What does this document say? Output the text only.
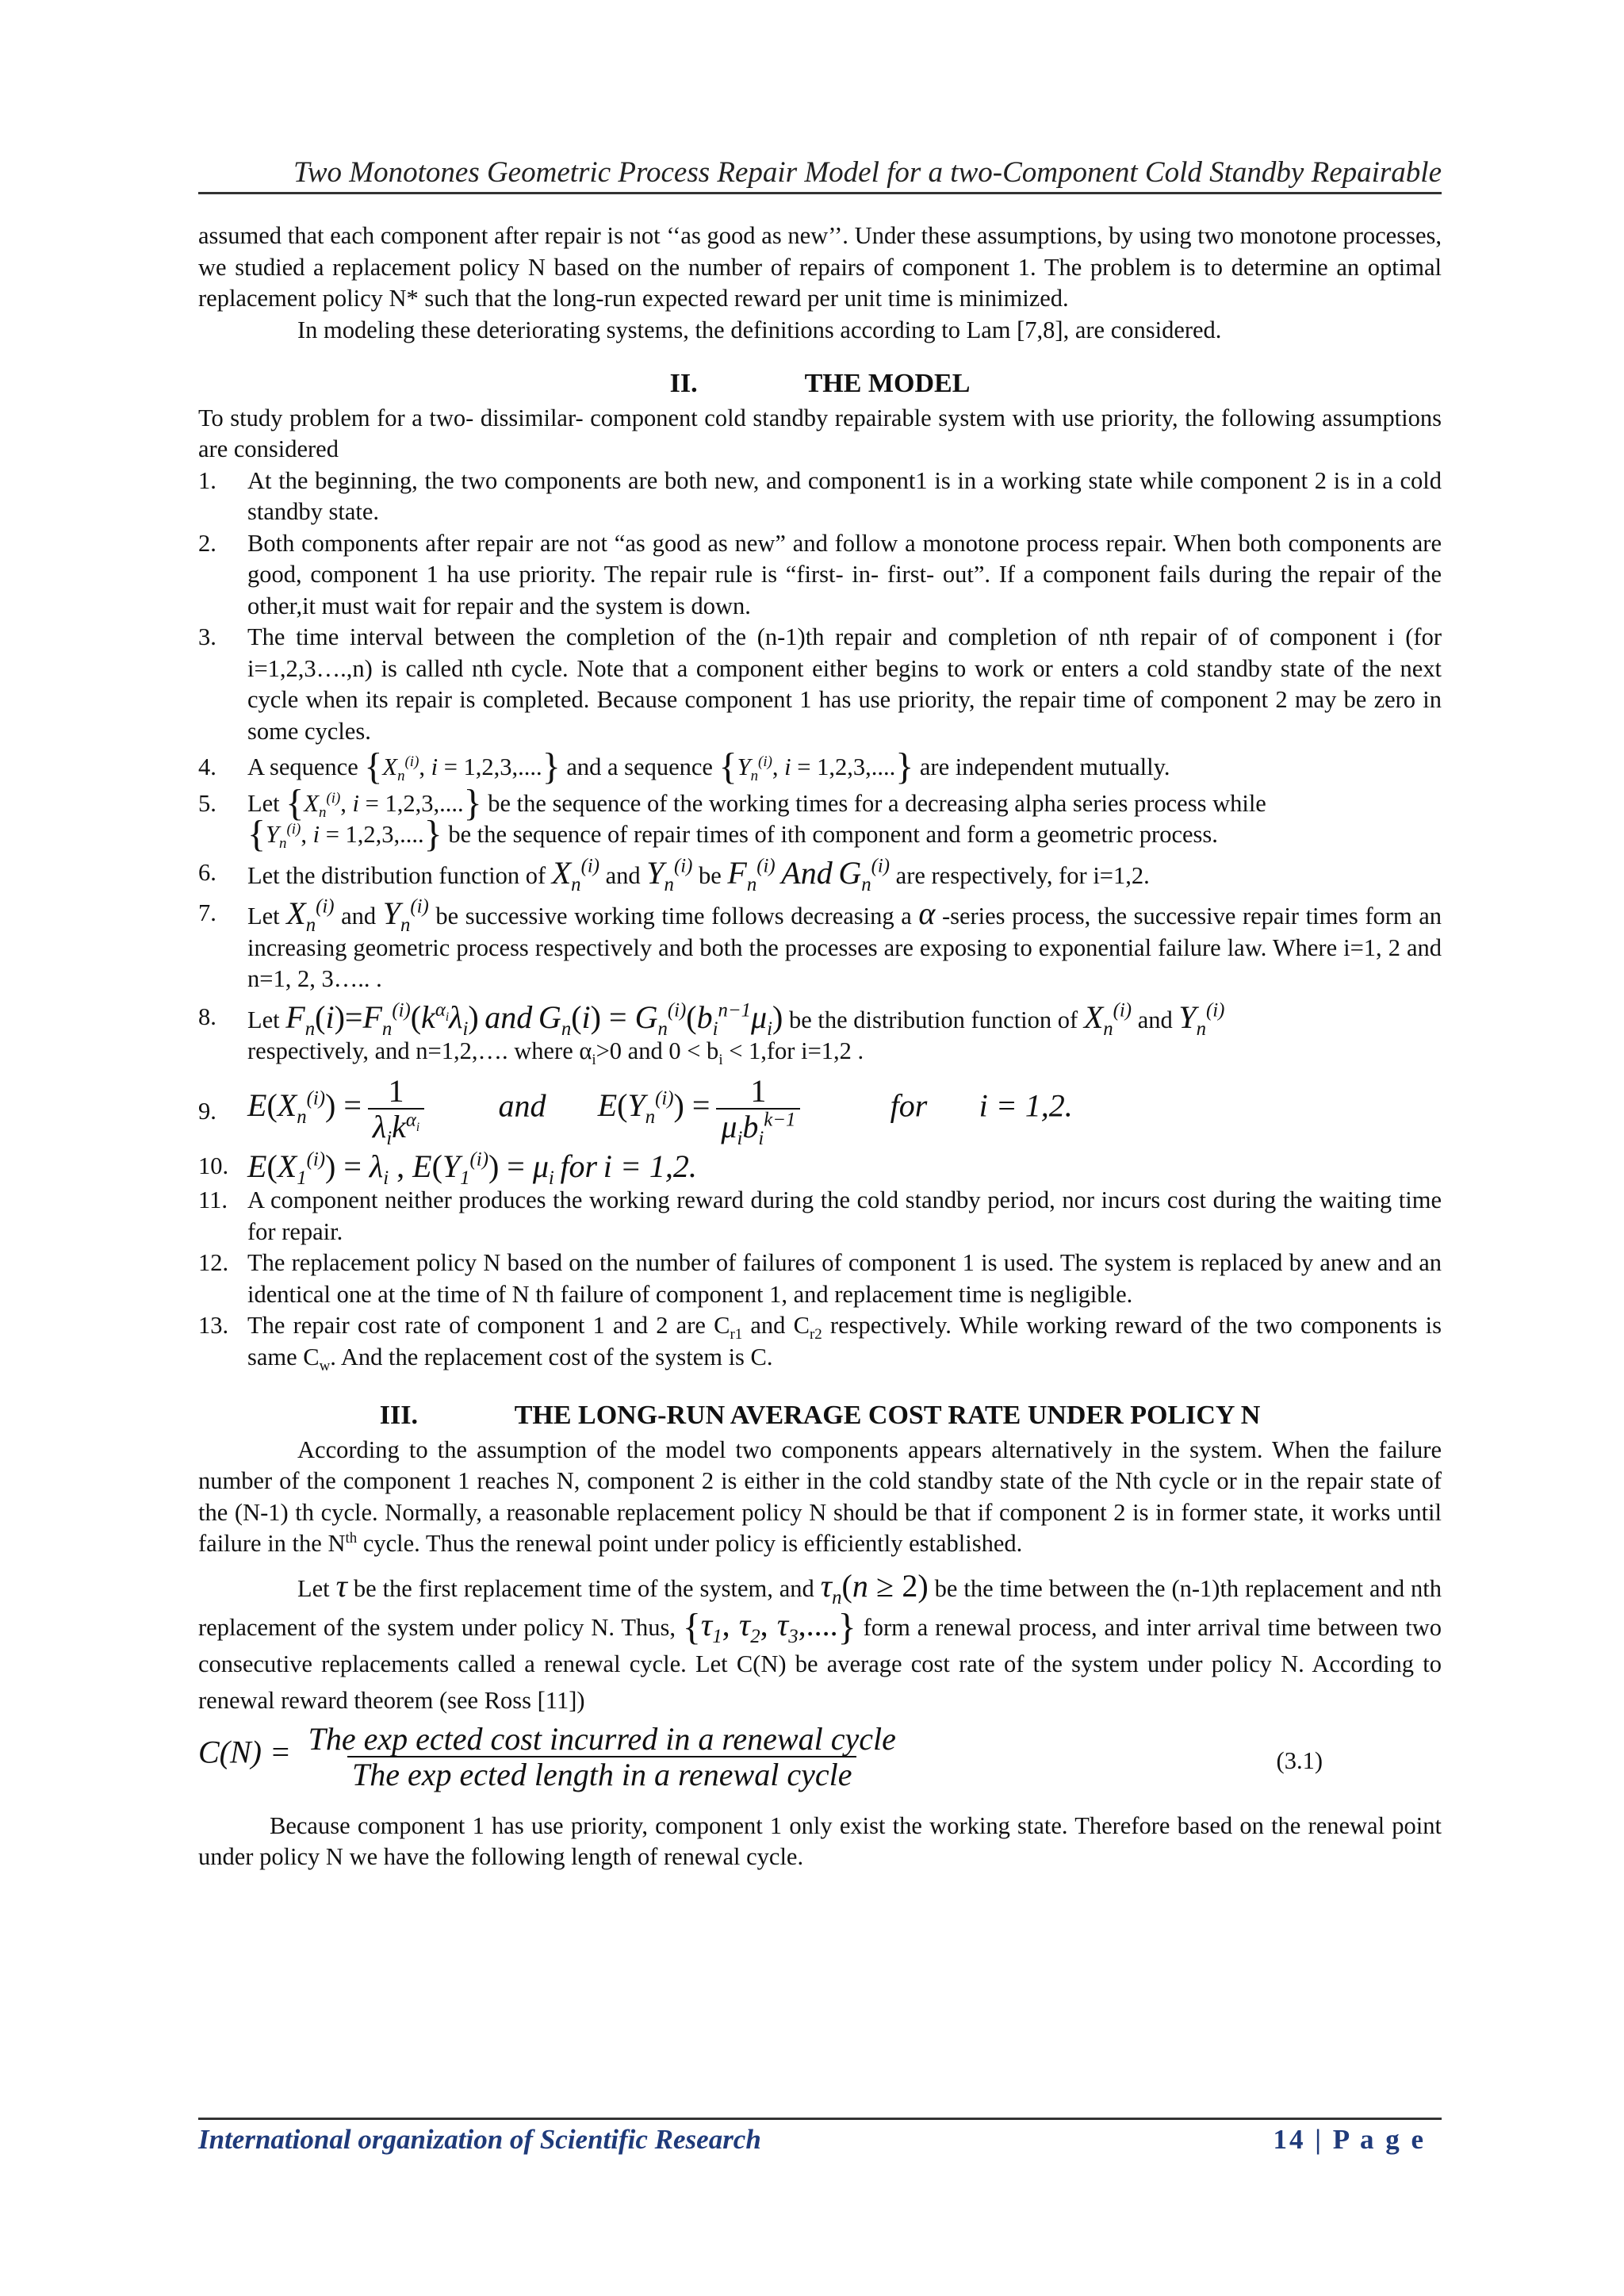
Two Monotones Geometric Process Repair Model for a two-Component Cold Standby Repairable

assumed that each component after repair is not ‘‘as good as new’’. Under these assumptions, by using two monotone processes, we studied a replacement policy N based on the number of repairs of component 1. The problem is to determine an optimal replacement policy N* such that the long-run expected reward per unit time is minimized.

In modeling these deteriorating systems, the definitions according to Lam [7,8], are considered.

II.	THE MODEL

To study problem for a two- dissimilar- component cold standby repairable system with use priority, the following assumptions are considered

1. At the beginning, the two components are both new, and component1 is in a working state while component 2 is in a cold standby state.
2. Both components after repair are not “as good as new” and follow a monotone process repair. When both components are good, component 1 ha use priority. The repair rule is “first- in- first- out”. If a component fails during the repair of the other,it must wait for repair and the system is down.
3. The time interval between the completion of the (n-1)th repair and completion of nth repair of of component i (for i=1,2,3….,n) is called nth cycle. Note that a component either begins to work or enters a cold standby state of the next cycle when its repair is completed. Because component 1 has use priority, the repair time of component 2 may be zero in some cycles.
4. A sequence {$X_n^{(i)}$, i = 1,2,3,....} and a sequence {$Y_n^{(i)}$, i = 1,2,3,....} are independent mutually.
5. Let {$X_n^{(i)}$, i = 1,2,3,....} be the sequence of the working times for a decreasing alpha series process while
{$Y_n^{(i)}$, i = 1,2,3,....} be the sequence of repair times of ith component and form a geometric process.
6. Let the distribution function of $X_n^{(i)}$ and $Y_n^{(i)}$ be $F_n^{(i)}$ And $G_n^{(i)}$ are respectively, for i=1,2.
7. Let $X_n^{(i)}$ and $Y_n^{(i)}$ be successive working time follows decreasing a α -series process, the successive repair times form an increasing geometric process respectively and both the processes are exposing to exponential failure law. Where i=1, 2 and n=1, 2, 3….. .
8. Let $F_n(i)=F_n^{(i)}(k^{\alpha_i}\lambda_i)$ and $G_n(i) = G_n^{(i)}(b_i^{n-1}\mu_i)$ be the distribution function of $X_n^{(i)}$ and $Y_n^{(i)}$
respectively, and n=1,2,…. where $\alpha_i>0$ and $0 < b_i < 1,for$ i=1,2 .
9. $E(X_n^{(i)}) = \frac{1}{\lambda_ik^{\alpha_i}}$ and $E(Y_n^{(i)}) = \frac{1}{\mu_ib_i^{k-1}}$	for i = 1,2.
10. $E(X_1^{(i)}) = \lambda_i$ , $E(Y_1^{(i)}) = \mu_i$ for i = 1,2.
11. A component neither produces the working reward during the cold standby period, nor incurs cost during the waiting time for repair.
12. The replacement policy N based on the number of failures of component 1 is used. The system is replaced by anew and an identical one at the time of N th failure of component 1, and replacement time is negligible.
13. The repair cost rate of component 1 and 2 are $C_{r1}$ and $C_{r2}$ respectively. While working reward of the two components is same $C_w$. And the replacement cost of the system is C.
III.	THE LONG-RUN AVERAGE COST RATE UNDER POLICY N

According to the assumption of the model two components appears alternatively in the system. When the failure number of the component 1 reaches N, component 2 is either in the cold standby state of the Nth cycle or in the repair state of the (N-1) th cycle. Normally, a reasonable replacement policy N should be that if component 2 is in former state, it works until failure in the $N^{th}$ cycle. Thus the renewal point under policy is efficiently established.

Let τ be the first replacement time of the system, and $\tau_n(n \ge 2)$ be the time between the (n-1)th replacement and nth replacement of the system under policy N. Thus, {$\tau_1$, $\tau_2$, $\tau_3$,....} form a renewal process, and inter arrival time between two consecutive replacements called a renewal cycle. Let C(N) be average cost rate of the system under policy N. According to renewal reward theorem (see Ross [11])

$C(N) = \frac{\text{The exp ected cost incurred in a renewal cycle}}{\text{The exp ected length in a renewal cycle}}$	(3.1)

Because component 1 has use priority, component 1 only exist the working state. Therefore based on the renewal point under policy N we have the following length of renewal cycle.

International organization of Scientific Research	14 | P a g e
